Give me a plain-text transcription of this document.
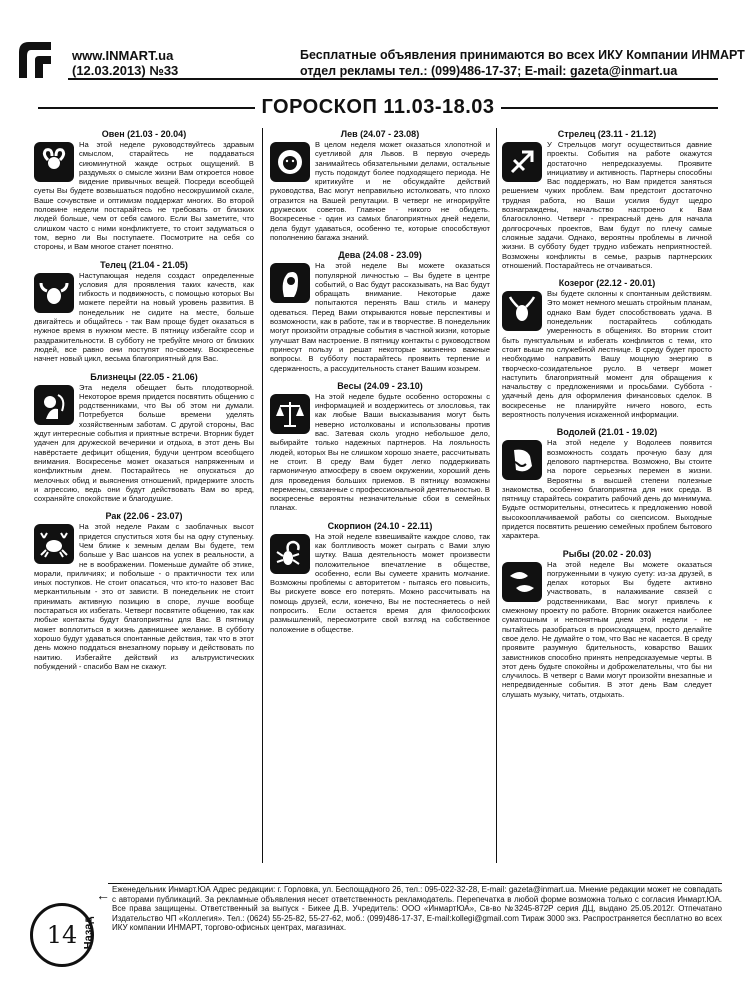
www.INMART.ua
(12.03.2013) №33
Бесплатные объявления принимаются во всех ИКУ Компании ИНМАРТ
отдел рекламы тел.: (099)486-17-37; E-mail: gazeta@inmart.ua
ГОРОСКОП 11.03-18.03
Овен (21.03 - 20.04)
На этой неделе руководствуйтесь здравым смыслом, старайтесь не поддаваться сиюминутной жажде острых ощущений. В раздумьях о смысле жизни Вам откроется новое видение привычных вещей. Посреди всеобщей суеты Вы будете возвышаться подобно несокрушимой скале, Ваше сочувствие и оптимизм поддержат многих. Во второй половине недели постарайтесь не требовать от близких людей больше, чем от себя самого. Если Вы заметите, что слишком часто с ними конфликтуете, то стоит задуматься о том, верно ли Вы поступаете. Посмотрите на себя со стороны, и Вам многое станет понятно.
Телец (21.04 - 21.05)
Наступающая неделя создаст определенные условия для проявления таких качеств, как гибкость и подвижность, с помощью которых Вы можете перейти на новый уровень развития. В понедельник не сидите на месте, больше двигайтесь и общайтесь - так Вам проще будет оказаться в нужное время в нужном месте. В пятницу избегайте ссор и раздражительности. В субботу не требуйте много от близких людей, все равно они поступят по-своему. Воскресенье начнет новый цикл, весьма благоприятный для Вас.
Близнецы (22.05 - 21.06)
Эта неделя обещает быть плодотворной. Некоторое время придется посвятить общению с родственниками, что Вы об этом ни думали. Потребуется больше времени уделять хозяйственным заботам. С другой стороны, Вас ждут интересные события и приятные встречи. Вторник будет удачен для дружеской вечеринки и отдыха, в этот день Вы навёрстаете дефицит общения, будучи центром всеобщего внимания. Воскресенье может оказаться напряженным и конфликтным днем. Постарайтесь не опускаться до мелочных обид и выяснения отношений, придержите злость и агрессию, ведь они будут действовать Вам во вред, сохраняйте спокойствие и благодушие.
Рак (22.06 - 23.07)
На этой неделе Ракам с заоблачных высот придется спуститься хотя бы на одну ступеньку. Чем ближе к земным делам Вы будете, тем больше у Вас шансов на успех в реальности, а не в воображении. Поменьше думайте об этике, морали, приличиях; и побольше - о практичности тех или иных поступков. Не стоит опасаться, что кто-то назовет Вас меркантильным - это от зависти. В понедельник не стоит принимать активную позицию в споре, лучше вообще постараться их избегать. Четверг посвятите общению, так как любые контакты будут благоприятны для Вас. В пятницу может воплотиться в жизнь давнишнее желание. В субботу хорошо будут удаваться спонтанные действия, так что в этот день можно поддаться внезапному порыву и действовать по наитию. Избегайте действий из альтруистических побуждений - спасибо Вам не скажут.
Лев (24.07 - 23.08)
В целом неделя может оказаться хлопотной и суетливой для Львов. В первую очередь занимайтесь обязательными делами, остальные пусть подождут более подходящего периода. Не критикуйте и не обсуждайте действий руководства, Вас могут неправильно истолковать, что плохо отразится на Вашей репутации. В четверг не игнорируйте дружеских советов. Главное - никого не обидеть. Воскресенье - один из самых благоприятных дней недели, дела будут удаваться, особенно те, которые способствуют пополнению багажа знаний.
Дева (24.08 - 23.09)
На этой неделе Вы можете оказаться популярной личностью – Вы будете в центре событий, о Вас будут рассказывать, на Вас будут обращать внимание. Некоторые даже попытаются перенять Ваш стиль и манеру одеваться. Перед Вами открываются новые перспективы и возможности, как в работе, так и в творчестве. В понедельник могут произойти отрадные события в частной жизни, которые улучшат Вам настроение. В пятницу контакты с руководством принесут пользу и решат некоторые жизненно важные вопросы. В субботу постарайтесь проявить терпение и сдержанность, а рассудительность станет Вашим козырем.
Весы (24.09 - 23.10)
На этой неделе будьте особенно осторожны с информацией и воздержитесь от злословья, так как любые Ваши высказывания могут быть неверно истолкованы и использованы против вас. Затевая сколь угодно небольшое дело, выбирайте только надежных партнеров. На лояльность людей, которых Вы не слишком хорошо знаете, рассчитывать не стоит. В среду Вам будет легко поддерживать гармоничную атмосферу в своем окружении, хороший день для проведения больших приемов. В пятницу возможны перемены, связанные с профессиональной деятельностью. В воскресенье вероятны незначительные сбои в семейных планах.
Скорпион (24.10 - 22.11)
На этой неделе взвешивайте каждое слово, так как болтливость может сыграть с Вами злую шутку. Ваша деятельность может произвести положительное впечатление в обществе, особенно, если Вы сумеете хранить молчание. Возможны проблемы с авторитетом - пытаясь его повысить, Вы рискуете вовсе его потерять. Можно рассчитывать на помощь друзей, если, конечно, Вы не постесняетесь о ней попросить. Если остается время для философских размышлений, пересмотрите свой взгляд на собственное положение в обществе.
Стрелец (23.11 - 21.12)
У Стрельцов могут осуществиться давние проекты. События на работе окажутся достаточно непредсказуемы. Проявите инициативу и активность. Партнеры способны Вас поддержать, но Вам придется заняться решением чужих проблем. Вам предстоит достаточно трудная работа, но Ваши усилия будут щедро вознаграждены, начальство настроено к Вам благосклонно. Четверг - прекрасный день для начала долгосрочных проектов, Вам будут по плечу самые сложные задачи. Однако, вероятны проблемы в личной жизни. В субботу будет трудно избежать неприятностей. Возможны конфликты в семье, разрыв партнерских отношений. Постарайтесь не отчаиваться.
Козерог (22.12 - 20.01)
Вы будете склонны к спонтанным действиям. Это может немного мешать стройным планам, однако Вам будет способствовать удача. В понедельник постарайтесь соблюдать умеренность в общениях. Во вторник стоит быть пунктуальным и избегать конфликтов с теми, кто стоит выше по служебной лестнице. В среду будет просто необходимо направить Вашу мощную энергию в творческо-созидательное русло. В четверг может наступить благоприятный момент для обращения к начальству с предложениями и просьбами. Суббота - удачный день для оформления финансовых сделок. В воскресенье не планируйте ничего нового, есть вероятность получения искаженной информации.
Водолей (21.01 - 19.02)
На этой неделе у Водолеев появится возможность создать прочную базу для делового партнерства. Возможно, Вы стоите на пороге серьезных перемен в жизни. Вероятны в высшей степени полезные знакомства, особенно благоприятна для них среда. В пятницу старайтесь сократить рабочий день до минимума. Будьте остморительны, отнеситесь к предложению новой высокооплачиваемой работы со скепсисом. Выходные придется посвятить решению семейных проблем бытового характера.
Рыбы (20.02 - 20.03)
На этой неделе Вы можете оказаться погруженными в чужую суету: из-за друзей, в делах которых Вы будете активно участвовать, в налаживание связей с родственниками, Вас могут привлечь к смежному проекту по работе. Вторник окажется наиболее суматошным и непонятным днем этой недели - не пытайтесь разобраться в происходящем, просто делайте свое дело. Не думайте о том, что Вас не касается. В среду проявите разумную бдительность, коварство Ваших завистников способно принять непредсказуемые черты. В этот день будьте спокойны и доброжелательны, что бы ни случилось. В четверг с Вами могут произойти внезапные и непредвиденные события. В этот день Вам следует слушать музыку, читать, отдыхать.
14
←
Назад
Еженедельник Инмарт.ЮА Адрес редакции: г. Горловка, ул. Беспощадного 26, тел.: 095-022-32-28, E-mail: gazeta@inmart.ua. Мнение редакции может не совпадать с авторами публикаций. За рекламные объявления несет ответственность рекламодатель. Перепечатка в любой форме возможна только с согласия Инмарт.ЮА. Все права защищены. Ответственный за выпуск - Бикее Д.В. Учредитель: ООО «ИнмартЮА», Св-во №3245-872Р серия ДЦ, выдано 25.05.2012г. Отпечатано Издательство ЧП «Коллегия». Тел.: (0624) 55-25-82, 55-27-62, моб.: (099)486-17-37, E-mail:kollegi@gmail.com Тираж 3000 экз. Распространяется бесплатно во всех ИКУ компании ИНМАРТ, торгово-офисных центрах, магазинах.
